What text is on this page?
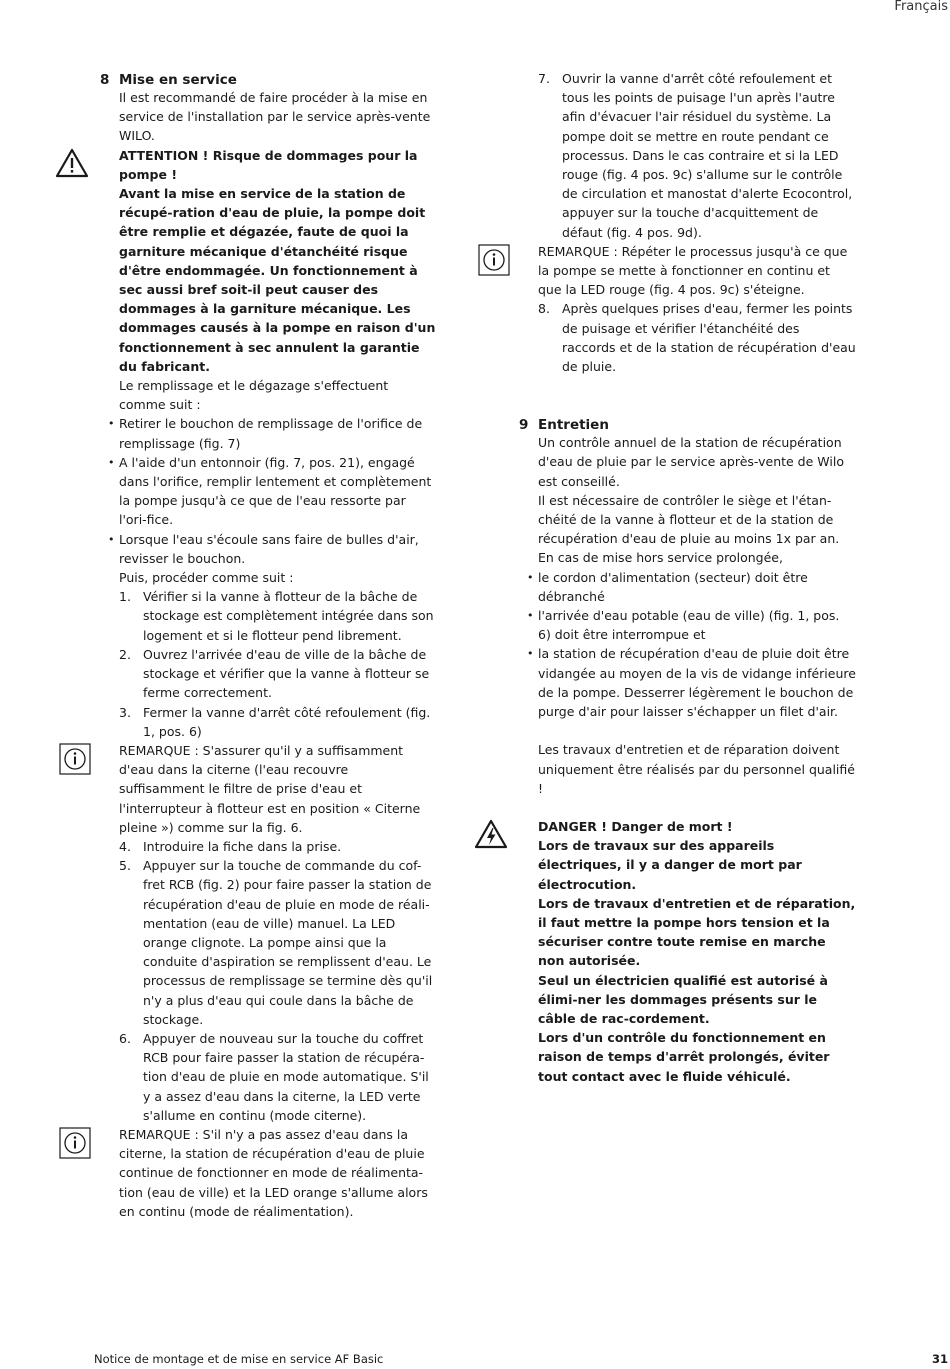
Français
8 Mise en service

Il est recommandé de faire procéder à la mise en service de l'installation par le service après-vente WILO.

ATTENTION ! Risque de dommages pour la pompe !

Avant la mise en service de la station de récupé-ration d'eau de pluie, la pompe doit être remplie et dégazée, faute de quoi la garniture mécanique d'étanchéité risque d'être endommagée. Un fonctionnement à sec aussi bref soit-il peut causer des dommages à la garniture mécanique. Les dommages causés à la pompe en raison d'un fonctionnement à sec annulent la garantie du fabricant.

Le remplissage et le dégazage s'effectuent comme suit :

• Retirer le bouchon de remplissage de l'orifice de remplissage (fig. 7)
• A l'aide d'un entonnoir (fig. 7, pos. 21), engagé dans l'orifice, remplir lentement et complètement la pompe jusqu'à ce que de l'eau ressorte par l'ori-fice.
• Lorsque l'eau s'écoule sans faire de bulles d'air, revisser le bouchon.

Puis, procéder comme suit :

1. Vérifier si la vanne à flotteur de la bâche de stockage est complètement intégrée dans son logement et si le flotteur pend librement.
2. Ouvrez l'arrivée d'eau de ville de la bâche de stockage et vérifier que la vanne à flotteur se ferme correctement.
3. Fermer la vanne d'arrêt côté refoulement (fig. 1, pos. 6)

REMARQUE : S'assurer qu'il y a suffisamment d'eau dans la citerne (l'eau recouvre suffisamment le filtre de prise d'eau et l'interrupteur à flotteur est en position « Citerne pleine ») comme sur la fig. 6.

4. Introduire la fiche dans la prise.
5. Appuyer sur la touche de commande du cof-fret RCB (fig. 2) pour faire passer la station de récupération d'eau de pluie en mode de réali-mentation (eau de ville) manuel. La LED orange clignote. La pompe ainsi que la conduite d'aspiration se remplissent d'eau. Le processus de remplissage se termine dès qu'il n'y a plus d'eau qui coule dans la bâche de stockage.
6. Appuyer de nouveau sur la touche du coffret RCB pour faire passer la station de récupéra-tion d'eau de pluie en mode automatique. S'il y a assez d'eau dans la citerne, la LED verte s'allume en continu (mode citerne).

REMARQUE : S'il n'y a pas assez d'eau dans la citerne, la station de récupération d'eau de pluie continue de fonctionner en mode de réalimenta-tion (eau de ville) et la LED orange s'allume alors en continu (mode de réalimentation).

7. Ouvrir la vanne d'arrêt côté refoulement et tous les points de puisage l'un après l'autre afin d'évacuer l'air résiduel du système. La pompe doit se mettre en route pendant ce processus. Dans le cas contraire et si la LED rouge (fig. 4 pos. 9c) s'allume sur le contrôle de circulation et manostat d'alerte Ecocontrol, appuyer sur la touche d'acquittement de défaut (fig. 4 pos. 9d).

REMARQUE : Répéter le processus jusqu'à ce que la pompe se mette à fonctionner en continu et que la LED rouge (fig. 4 pos. 9c) s'éteigne.

8. Après quelques prises d'eau, fermer les points de puisage et vérifier l'étanchéité des raccords et de la station de récupération d'eau de pluie.
9 Entretien

Un contrôle annuel de la station de récupération d'eau de pluie par le service après-vente de Wilo est conseillé.

Il est nécessaire de contrôler le siège et l'étan-chéité de la vanne à flotteur et de la station de récupération d'eau de pluie au moins 1x par an.

En cas de mise hors service prolongée,

• le cordon d'alimentation (secteur) doit être débranché
• l'arrivée d'eau potable (eau de ville) (fig. 1, pos. 6) doit être interrompue et
• la station de récupération d'eau de pluie doit être vidangée au moyen de la vis de vidange inférieure de la pompe. Desserrer légèrement le bouchon de purge d'air pour laisser s'échapper un filet d'air.

Les travaux d'entretien et de réparation doivent uniquement être réalisés par du personnel qualifié !

DANGER ! Danger de mort !

Lors de travaux sur des appareils électriques, il y a danger de mort par électrocution.

Lors de travaux d'entretien et de réparation, il faut mettre la pompe hors tension et la sécuriser contre toute remise en marche non autorisée.

Seul un électricien qualifié est autorisé à élimi-ner les dommages présents sur le câble de rac-cordement.

Lors d'un contrôle du fonctionnement en raison de temps d'arrêt prolongés, éviter tout contact avec le fluide véhiculé.

Notice de montage et de mise en service AF Basic	31
